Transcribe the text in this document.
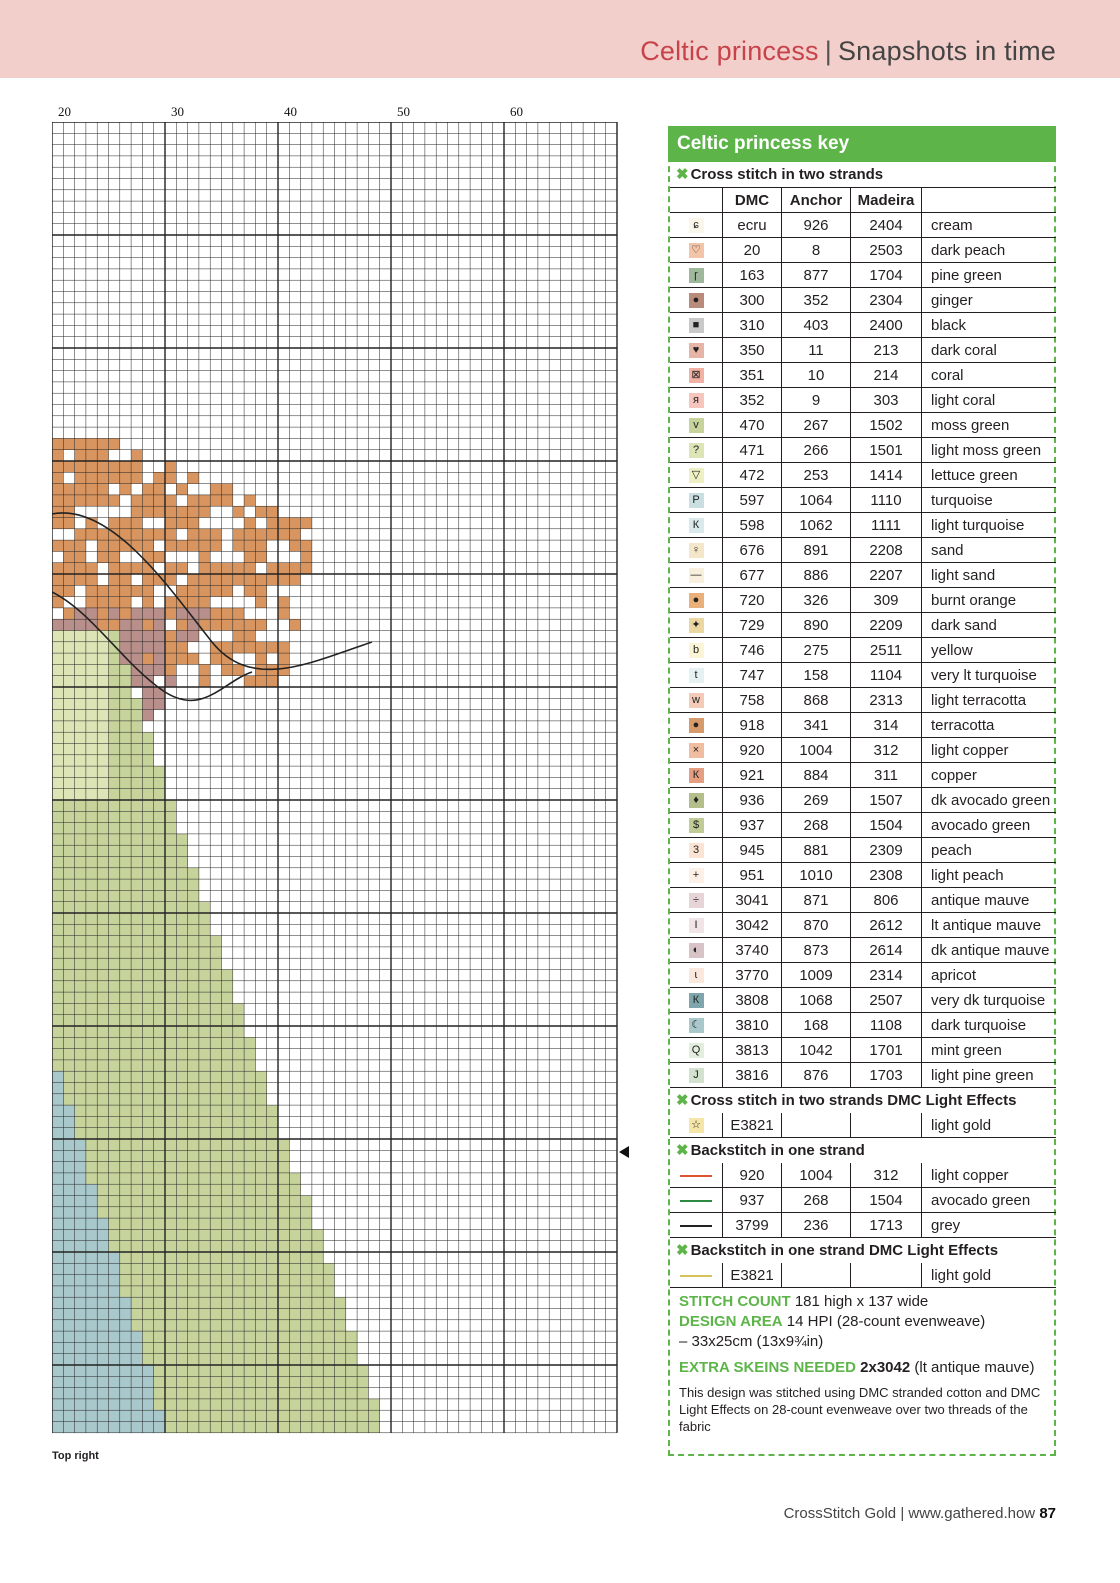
Celtic princess | Snapshots in time
20	30	40	50	60
Top right
Celtic princess key
✖ Cross stitch in two strands
	DMC	Anchor	Madeira	
ɕ	ecru	926	2404	cream
♡	20	8	2503	dark peach
ɼ	163	877	1704	pine green
●	300	352	2304	ginger
■	310	403	2400	black
♥	350	11	213	dark coral
⊠	351	10	214	coral
я	352	9	303	light coral
v	470	267	1502	moss green
?	471	266	1501	light moss green
▽	472	253	1414	lettuce green
P	597	1064	1110	turquoise
К	598	1062	1111	light turquoise
♀	676	891	2208	sand
—	677	886	2207	light sand
●	720	326	309	burnt orange
✦	729	890	2209	dark sand
b	746	275	2511	yellow
t	747	158	1104	very lt turquoise
w	758	868	2313	light terracotta
●	918	341	314	terracotta
×	920	1004	312	light copper
К	921	884	311	copper
♦	936	269	1507	dk avocado green
$	937	268	1504	avocado green
3	945	881	2309	peach
+	951	1010	2308	light peach
÷	3041	871	806	antique mauve
I	3042	870	2612	lt antique mauve
◐	3740	873	2614	dk antique mauve
ɩ	3770	1009	2314	apricot
К	3808	1068	2507	very dk turquoise
☾	3810	168	1108	dark turquoise
Q	3813	1042	1701	mint green
J	3816	876	1703	light pine green
✖ Cross stitch in two strands DMC Light Effects
☆	E3821			light gold
✖ Backstitch in one strand
	920	1004	312	light copper
	937	268	1504	avocado green
	3799	236	1713	grey
✖ Backstitch in one strand DMC Light Effects
	E3821			light gold
STITCH COUNT 181 high x 137 wide
DESIGN AREA 14 HPI (28-count evenweave)
– 33x25cm (13x9¾in)
EXTRA SKEINS NEEDED 2x3042 (lt antique mauve)
This design was stitched using DMC stranded cotton and DMC Light Effects on 28-count evenweave over two threads of the fabric
CrossStitch Gold | www.gathered.how 87
